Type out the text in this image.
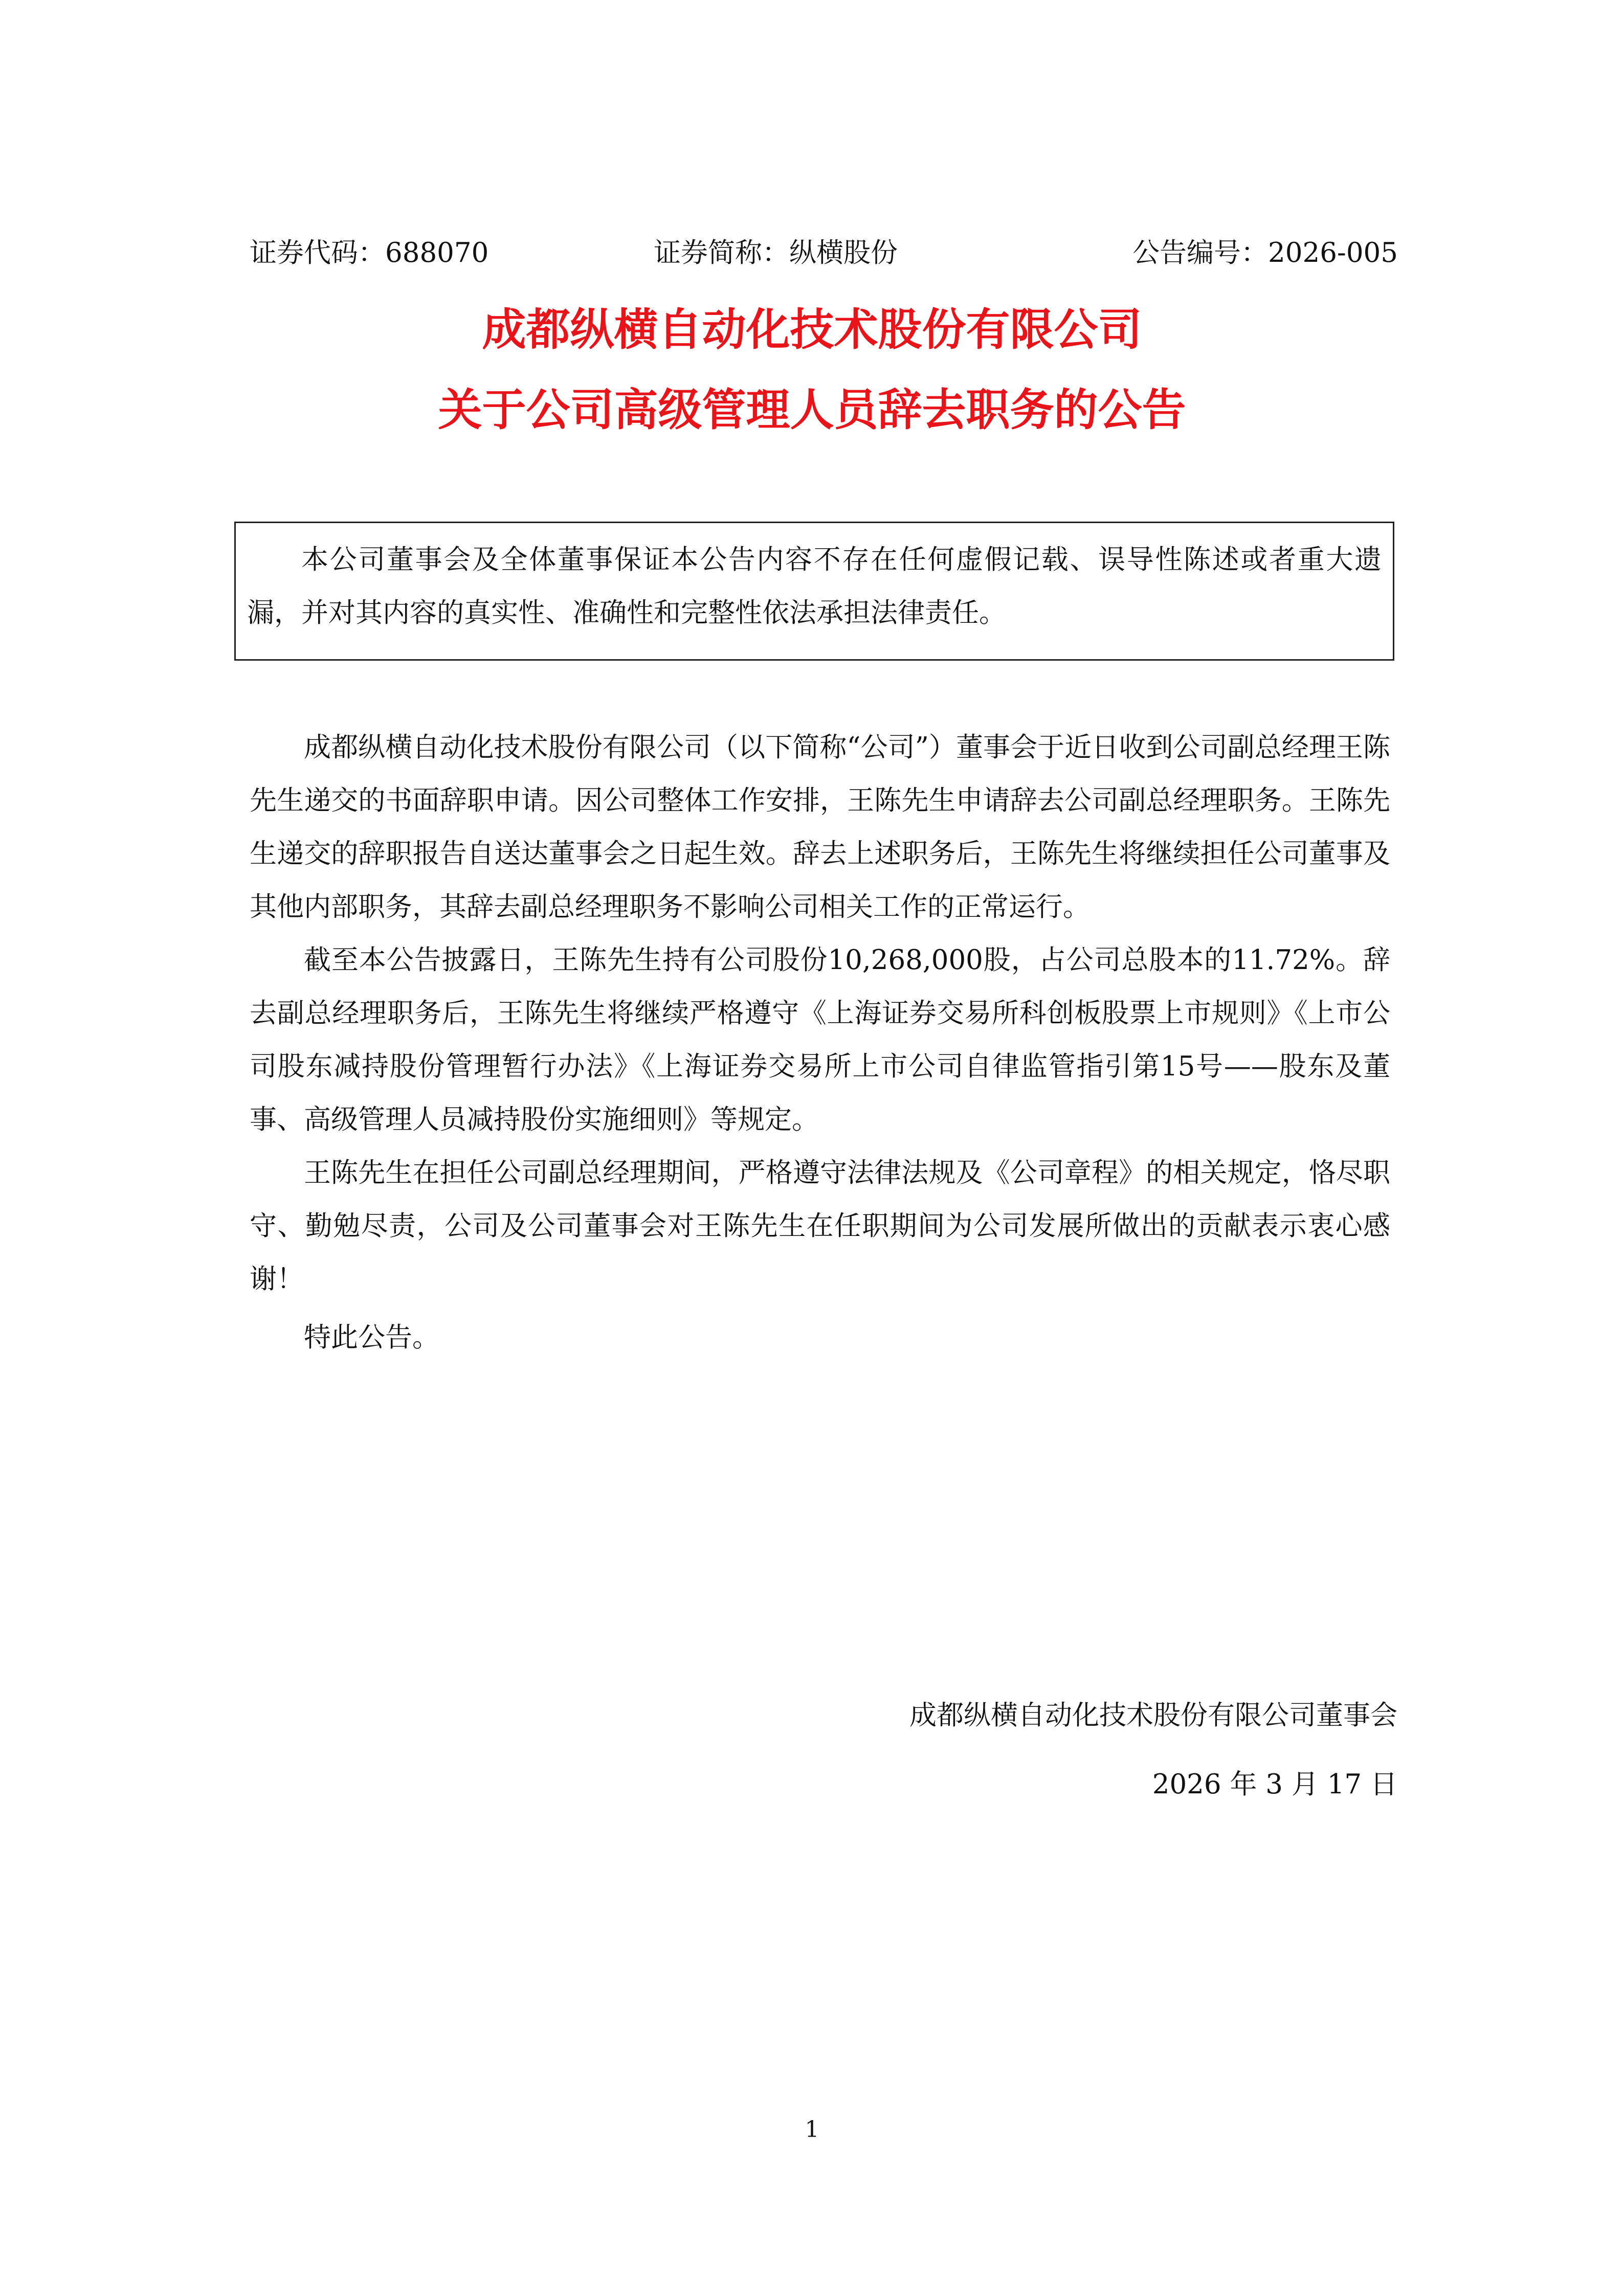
证券代码：688070	证券简称：纵横股份	公告编号：2026-005
成都纵横自动化技术股份有限公司
关于公司高级管理人员辞去职务的公告

本公司董事会及全体董事保证本公告内容不存在任何虚假记载、误导性陈述或者重大遗漏，并对其内容的真实性、准确性和完整性依法承担法律责任。

成都纵横自动化技术股份有限公司（以下简称“公司”）董事会于近日收到公司副总经理王陈先生递交的书面辞职申请。因公司整体工作安排，王陈先生申请辞去公司副总经理职务。王陈先生递交的辞职报告自送达董事会之日起生效。辞去上述职务后，王陈先生将继续担任公司董事及其他内部职务，其辞去副总经理职务不影响公司相关工作的正常运行。

截至本公告披露日，王陈先生持有公司股份10,268,000股，占公司总股本的11.72%。辞去副总经理职务后，王陈先生将继续严格遵守《上海证券交易所科创板股票上市规则》《上市公司股东减持股份管理暂行办法》《上海证券交易所上市公司自律监管指引第15号——股东及董事、高级管理人员减持股份实施细则》等规定。

王陈先生在担任公司副总经理期间，严格遵守法律法规及《公司章程》的相关规定，恪尽职守、勤勉尽责，公司及公司董事会对王陈先生在任职期间为公司发展所做出的贡献表示衷心感谢！

特此公告。

成都纵横自动化技术股份有限公司董事会
2026 年 3 月 17 日
1
